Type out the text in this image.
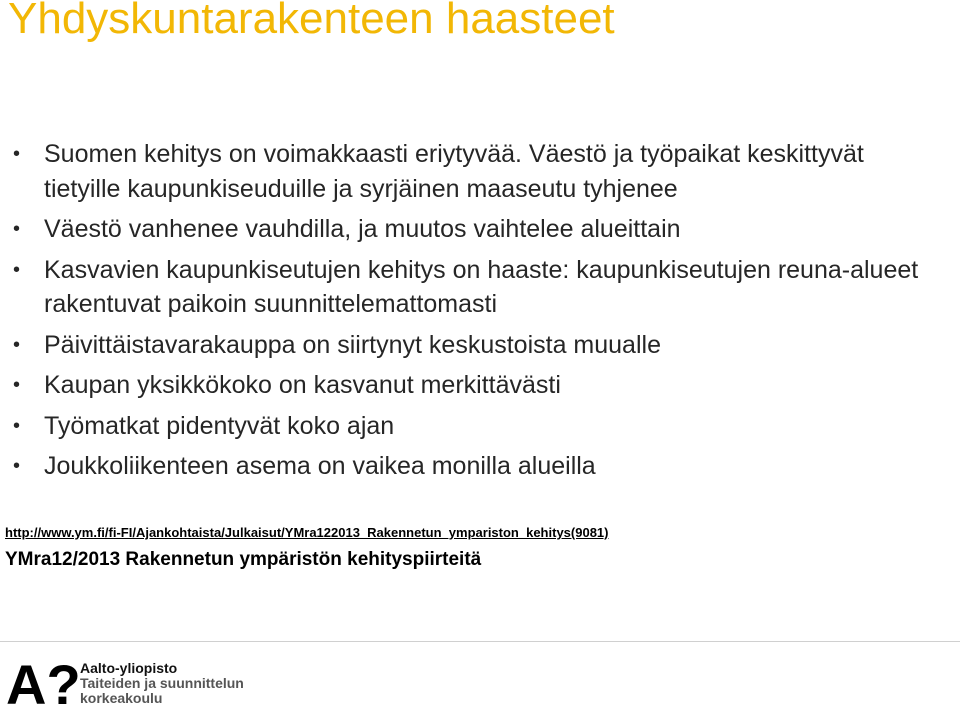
Yhdyskuntarakenteen haasteet
• Suomen kehitys on voimakkaasti eriytyvää. Väestö ja työpaikat keskittyvät tietyille kaupunkiseuduille ja syrjäinen maaseutu tyhjenee
• Väestö vanhenee vauhdilla, ja muutos vaihtelee alueittain
• Kasvavien kaupunkiseutujen kehitys on haaste: kaupunkiseutujen reuna-alueet rakentuvat paikoin suunnittelemattomasti
• Päivittäistavarakauppa on siirtynyt keskustoista muualle
• Kaupan yksikkökoko on kasvanut merkittävästi
• Työmatkat pidentyvät koko ajan
• Joukkoliikenteen asema on vaikea monilla alueilla
http://www.ym.fi/fi-FI/Ajankohtaista/Julkaisut/YMra122013_Rakennetun_ympariston_kehitys(9081)
YMra12/2013 Rakennetun ympäristön kehityspiirteitä
A? Aalto-yliopisto
Taiteiden ja suunnittelun
korkeakoulu
